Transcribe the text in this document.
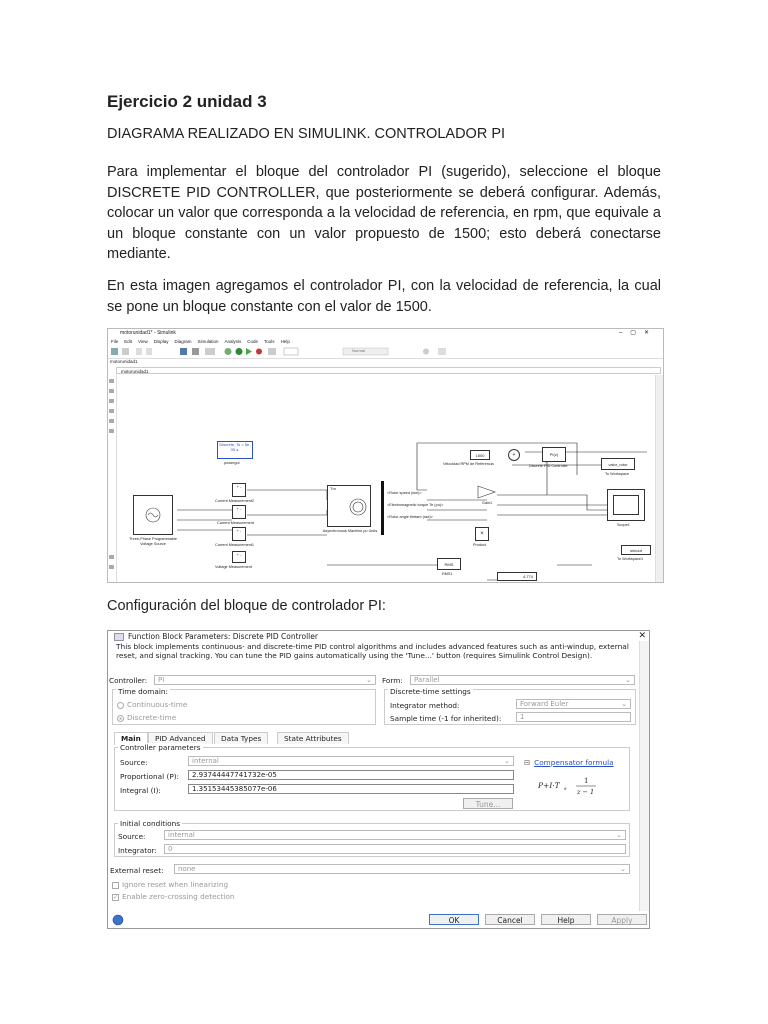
Ejercicio 2 unidad 3
DIAGRAMA REALIZADO EN SIMULINK. CONTROLADOR PI
Para implementar el bloque del controlador PI (sugerido), seleccione el bloque DISCRETE PID CONTROLLER, que posteriormente se deberá configurar. Además, colocar un valor que corresponda a la velocidad de referencia, en rpm, que equivale a un bloque constante con un valor propuesto de 1500; esto deberá conectarse mediante.
En esta imagen agregamos el controlador PI, con la velocidad de referencia, la cual se pone un bloque constante con el valor de 1500.
motorunidad1* - Simulink	–▢✕
File Edit View Display Diagram Simulation Analysis Code Tools Help
Normal
motorunidad1
motorunidad1
Discrete, Ts = 5e-05 s.
powergui
1500
Velocidad RPM de Referencia
+	PI(z)
Discrete PID Controller	valor_rotor
To Workspace
Gain1
Scope1
×
Product
simout
To Workspace1
RMS
RMS1	4.774
Three-Phase Programmable Voltage Source
+ -
Current Measurement2
+ -
Current Measurement
+ -
Current Measurement1
+ -
Voltage Measurement
Tm
Asynchronous Machine pu Units
<Rotor speed (wm)>
<Electromagnetic torque Te (pu)>
<Rotor angle thetam (rad)>
Configuración del bloque de controlador PI:
Function Block Parameters: Discrete PID Controller	✕
This block implements continuous- and discrete-time PID control algorithms and includes advanced features such as anti-windup, external reset, and signal tracking. You can tune the PID gains automatically using the 'Tune...' button (requires Simulink Control Design).
Controller:	PI	⌄ Form:	Parallel	⌄
Time domain:
Continuous-time
Discrete-time
Discrete-time settings
Integrator method:	Forward Euler	⌄
Sample time (-1 for inherited):	1
Main	PID Advanced	Data Types	State Attributes
Controller parameters
Source:	internal	⌄ ⊟ Compensator formula
Proportional (P):	2.93744447741732e-05
Integral (I):	1.35153445385077e-06	P+I·T s
1
z − 1
Tune...
Initial conditions
Source:	internal	⌄
Integrator:	0
External reset:	none	⌄
Ignore reset when linearizing
✓ Enable zero-crossing detection
OK	Cancel	Help	Apply
